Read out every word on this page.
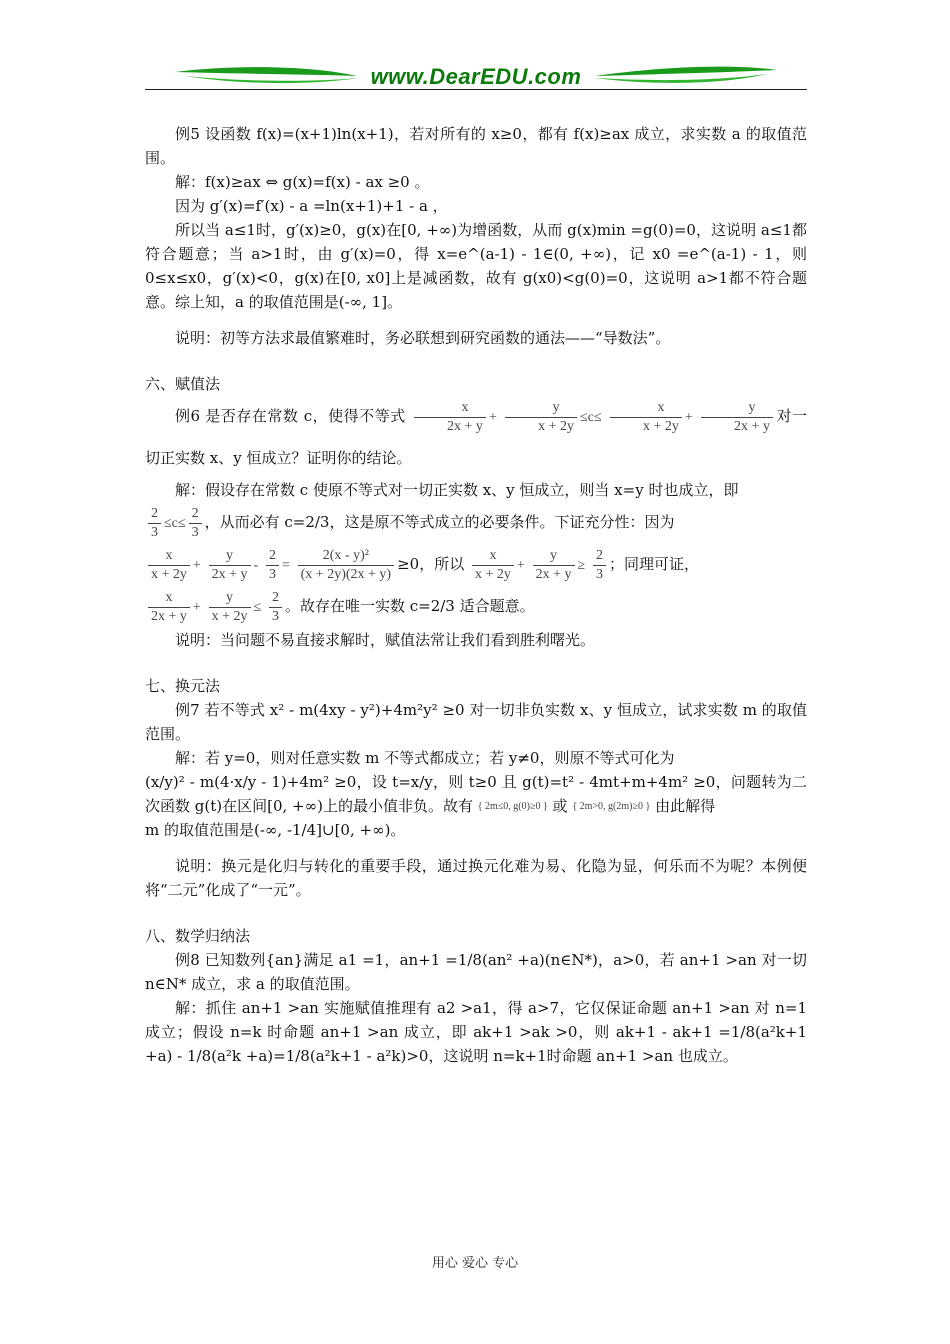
www.DearEDU.com

例5 设函数 f(x)=(x+1)ln(x+1)，若对所有的 x≥0，都有 f(x)≥ax 成立，求实数 a 的取值范围。

解：f(x)≥ax ⇔ g(x)=f(x) - ax ≥0 。

因为 g′(x)=f′(x) - a =ln(x+1)+1 - a ，

所以当 a≤1时，g′(x)≥0，g(x)在[0, +∞)为增函数，从而 g(x)min =g(0)=0，这说明 a≤1都符合题意；当 a>1时，由 g′(x)=0，得 x=e^(a-1) - 1∈(0, +∞)，记 x0 =e^(a-1) - 1，则 0≤x≤x0，g′(x)<0，g(x)在[0, x0]上是减函数，故有 g(x0)<g(0)=0，这说明 a>1都不符合题意。综上知，a 的取值范围是(-∞, 1]。

说明：初等方法求最值繁难时，务必联想到研究函数的通法——“导数法”。

六、赋值法

例6 是否存在常数 c，使得不等式 $\frac{x}{2x + y} + \frac{y}{x + 2y} \le c\le \frac{x}{x + 2y} + \frac{y}{2x + y}$ 对一切正实数 x、y 恒成立？证明你的结论。

解：假设存在常数 c 使原不等式对一切正实数 x、y 恒成立，则当 x=y 时也成立，即

$\frac{2}{3} \le c\le \frac{2}{3}$ ，从而必有 c=2/3，这是原不等式成立的必要条件。下证充分性：因为

$\frac{x}{x + 2y} + \frac{y}{2x + y} - \frac{2}{3} = \frac{\text{2(x - y)²}}{(x + 2y)(2x + y)} \ge 0$，所以 $\frac{x}{x + 2y} + \frac{y}{2x + y} \ge \frac{2}{3}$ ；同理可证，

$\frac{x}{2x + y} + \frac{y}{x + 2y} \le \frac{2}{3}$ 。故存在唯一实数 c=2/3 适合题意。

说明：当问题不易直接求解时，赋值法常让我们看到胜利曙光。

七、换元法

例7 若不等式 x² - m(4xy - y²)+4m²y² ≥0 对一切非负实数 x、y 恒成立，试求实数 m 的取值范围。

解：若 y=0，则对任意实数 m 不等式都成立；若 y≠0，则原不等式可化为

(x/y)² - m(4·x/y - 1)+4m² ≥0，设 t=x/y，则 t≥0 且 g(t)=t² - 4mt+m+4m² ≥0，问题转为二次函数 g(t)在区间[0, +∞)上的最小值非负。故有 { 2m≤0, g(0)≥0 } 或 { 2m>0, g(2m)≥0 } 由此解得

m 的取值范围是(-∞, -1/4]∪[0, +∞)。

说明：换元是化归与转化的重要手段，通过换元化难为易、化隐为显，何乐而不为呢？本例便将“二元”化成了“一元”。

八、数学归纳法

例8 已知数列{an}满足 a1 =1，an+1 =1/8(an² +a)(n∈N*)，a>0，若 an+1 >an 对一切 n∈N* 成立，求 a 的取值范围。

解：抓住 an+1 >an 实施赋值推理有 a2 >a1，得 a>7，它仅保证命题 an+1 >an 对 n=1成立；假设 n=k 时命题 an+1 >an 成立，即 ak+1 >ak >0，则 ak+1 - ak+1 =1/8(a²k+1 +a) - 1/8(a²k +a)=1/8(a²k+1 - a²k)>0，这说明 n=k+1时命题 an+1 >an 也成立。

用心 爱心 专心
